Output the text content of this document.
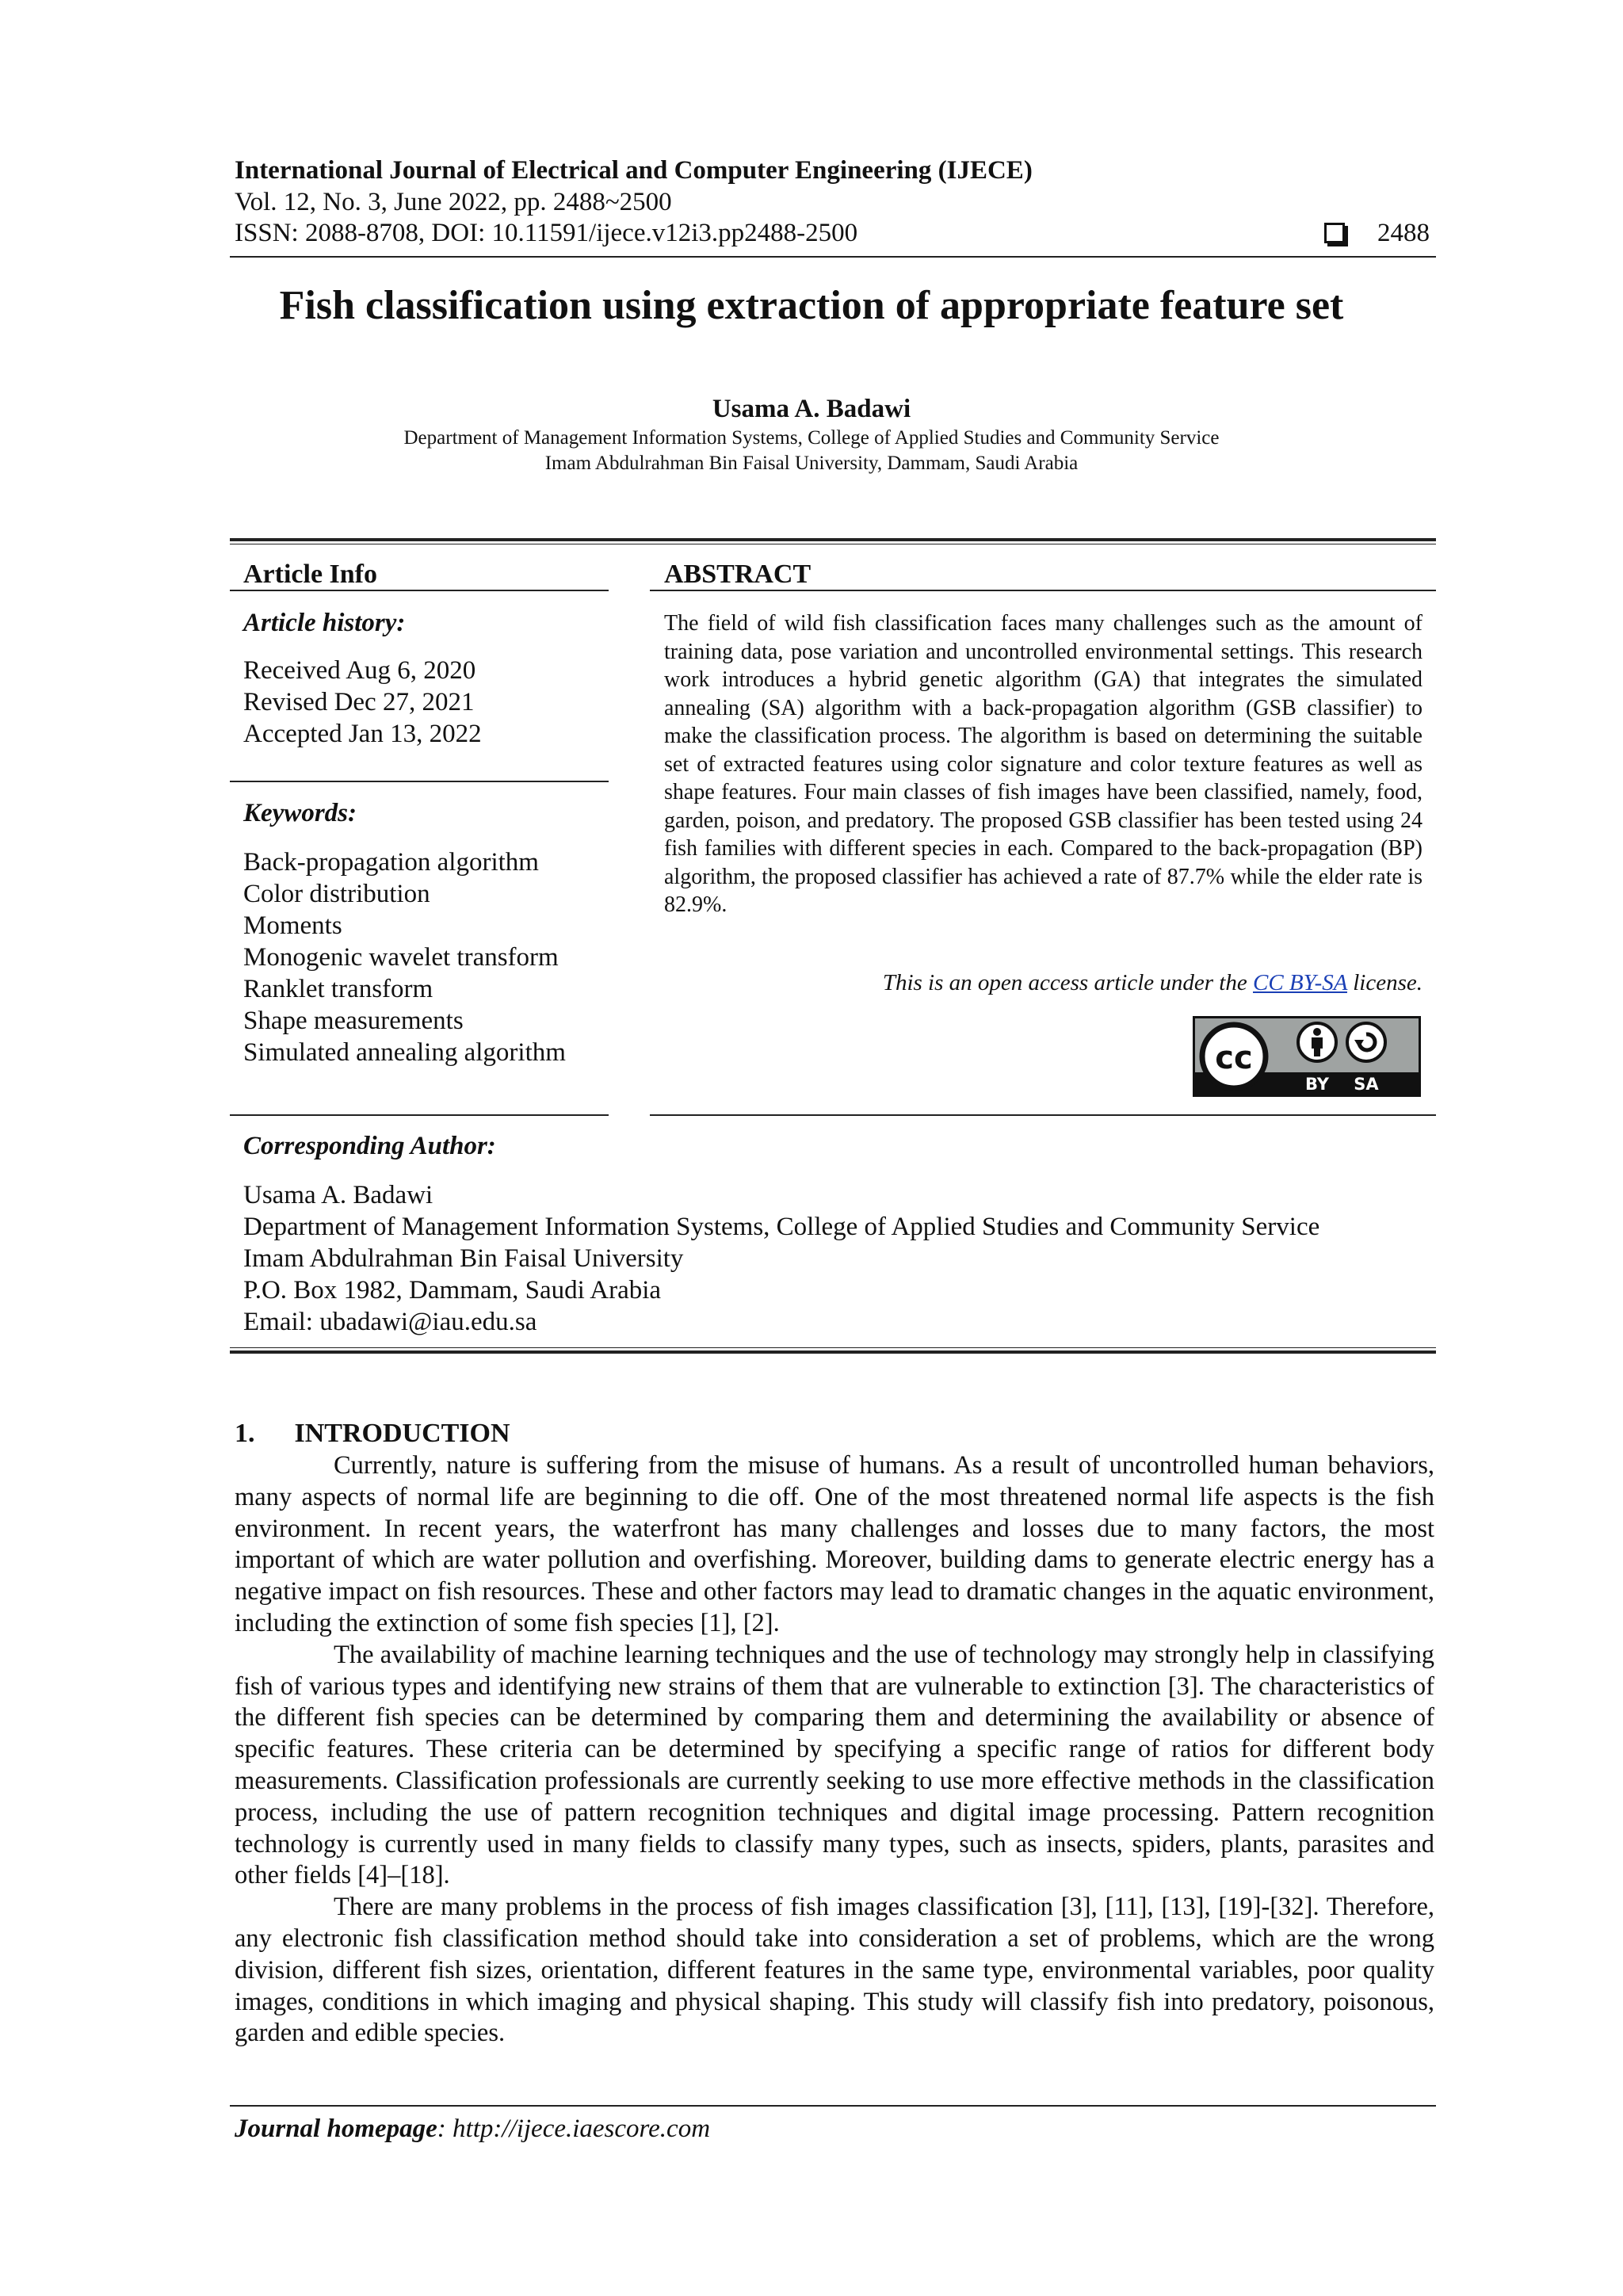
International Journal of Electrical and Computer Engineering (IJECE)
Vol. 12, No. 3, June 2022, pp. 2488~2500
ISSN: 2088-8708, DOI: 10.11591/ijece.v12i3.pp2488-2500	2488
Fish classification using extraction of appropriate feature set
Usama A. Badawi
Department of Management Information Systems, College of Applied Studies and Community Service
Imam Abdulrahman Bin Faisal University, Dammam, Saudi Arabia
Article Info
Article history:
Received Aug 6, 2020
Revised Dec 27, 2021
Accepted Jan 13, 2022
Keywords:
Back-propagation algorithm
Color distribution
Moments
Monogenic wavelet transform
Ranklet transform
Shape measurements
Simulated annealing algorithm
ABSTRACT
The field of wild fish classification faces many challenges such as the amount of training data, pose variation and uncontrolled environmental settings. This research work introduces a hybrid genetic algorithm (GA) that integrates the simulated annealing (SA) algorithm with a back-propagation algorithm (GSB classifier) to make the classification process. The algorithm is based on determining the suitable set of extracted features using color signature and color texture features as well as shape features. Four main classes of fish images have been classified, namely, food, garden, poison, and predatory. The proposed GSB classifier has been tested using 24 fish families with different species in each. Compared to the back-propagation (BP) algorithm, the proposed classifier has achieved a rate of 87.7% while the elder rate is 82.9%.
This is an open access article under the CC BY-SA license.
cc
BY SA
Corresponding Author:
Usama A. Badawi
Department of Management Information Systems, College of Applied Studies and Community Service
Imam Abdulrahman Bin Faisal University
P.O. Box 1982, Dammam, Saudi Arabia
Email: ubadawi@iau.edu.sa
1. INTRODUCTION

Currently, nature is suffering from the misuse of humans. As a result of uncontrolled human behaviors, many aspects of normal life are beginning to die off. One of the most threatened normal life aspects is the fish environment. In recent years, the waterfront has many challenges and losses due to many factors, the most important of which are water pollution and overfishing. Moreover, building dams to generate electric energy has a negative impact on fish resources. These and other factors may lead to dramatic changes in the aquatic environment, including the extinction of some fish species [1], [2].

The availability of machine learning techniques and the use of technology may strongly help in classifying fish of various types and identifying new strains of them that are vulnerable to extinction [3]. The characteristics of the different fish species can be determined by comparing them and determining the availability or absence of specific features. These criteria can be determined by specifying a specific range of ratios for different body measurements. Classification professionals are currently seeking to use more effective methods in the classification process, including the use of pattern recognition techniques and digital image processing. Pattern recognition technology is currently used in many fields to classify many types, such as insects, spiders, plants, parasites and other fields [4]–[18].

There are many problems in the process of fish images classification [3], [11], [13], [19]-[32]. Therefore, any electronic fish classification method should take into consideration a set of problems, which are the wrong division, different fish sizes, orientation, different features in the same type, environmental variables, poor quality images, conditions in which imaging and physical shaping. This study will classify fish into predatory, poisonous, garden and edible species.

Journal homepage: http://ijece.iaescore.com
